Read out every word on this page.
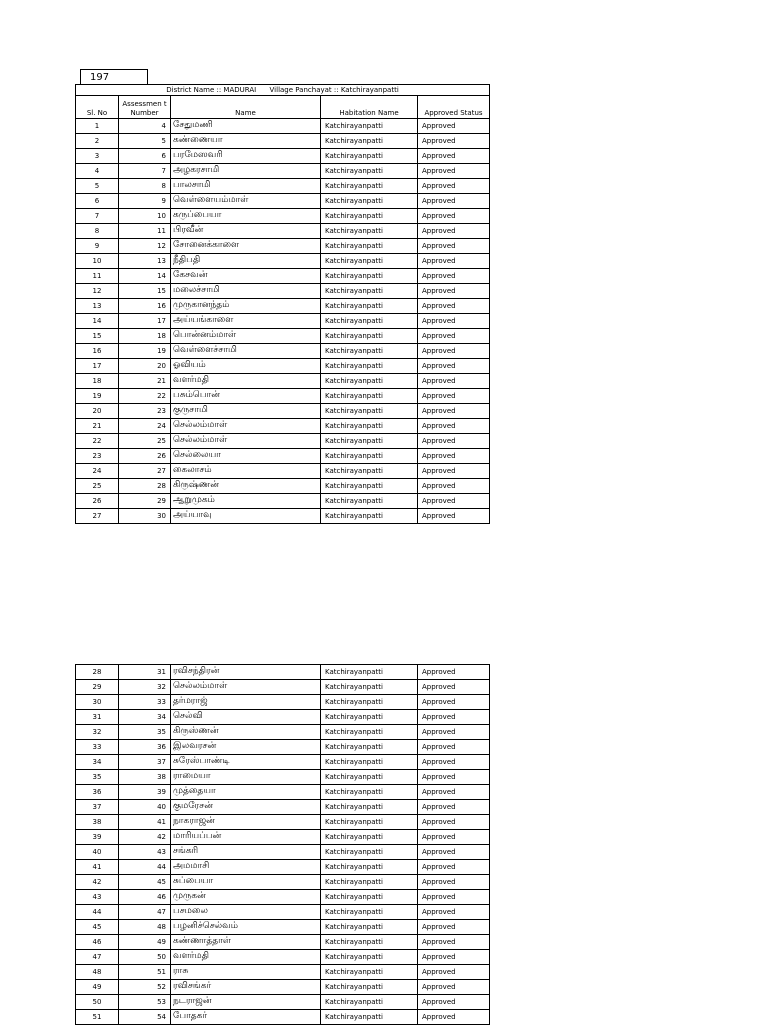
197
District Name :: MADURAI      Village Panchayat :: Katchirayanpatti				
Sl. No	Assessmen t Number	Name	Habitation Name	Approved Status
1	4	சேதுமணி	Katchirayanpatti	Approved
2	5	கண்ணையா	Katchirayanpatti	Approved
3	6	பரமேஸவரி	Katchirayanpatti	Approved
4	7	அழகரசாமி	Katchirayanpatti	Approved
5	8	பாலசாமி	Katchirayanpatti	Approved
6	9	வெள்ளையம்மாள்	Katchirayanpatti	Approved
7	10	கருப்பையா	Katchirayanpatti	Approved
8	11	பிரவீன்	Katchirayanpatti	Approved
9	12	சோனைக்காளை	Katchirayanpatti	Approved
10	13	நீதிபதி	Katchirayanpatti	Approved
11	14	கேசவன்	Katchirayanpatti	Approved
12	15	மலைச்சாமி	Katchirayanpatti	Approved
13	16	முருகானந்தம்	Katchirayanpatti	Approved
14	17	அய்யங்காளை	Katchirayanpatti	Approved
15	18	பொன்னம்மாள்	Katchirayanpatti	Approved
16	19	வெள்ளைச்சாமி	Katchirayanpatti	Approved
17	20	ஓவியம்	Katchirayanpatti	Approved
18	21	வளர்மதி	Katchirayanpatti	Approved
19	22	பசும்பொன்	Katchirayanpatti	Approved
20	23	குருசாமி	Katchirayanpatti	Approved
21	24	செல்லம்மாள்	Katchirayanpatti	Approved
22	25	செல்லம்மாள்	Katchirayanpatti	Approved
23	26	செல்லையா	Katchirayanpatti	Approved
24	27	கைலாசம்	Katchirayanpatti	Approved
25	28	கிருஷ்ணன்	Katchirayanpatti	Approved
26	29	ஆறுமுகம்	Katchirayanpatti	Approved
27	30	அய்யாவு	Katchirayanpatti	Approved
28	31	ரவிசந்திரன்	Katchirayanpatti	Approved
29	32	செல்லம்மாள்	Katchirayanpatti	Approved
30	33	தர்மராஜ்	Katchirayanpatti	Approved
31	34	செல்வி	Katchirayanpatti	Approved
32	35	கிருஸ்ணன்	Katchirayanpatti	Approved
33	36	இலவரசன்	Katchirayanpatti	Approved
34	37	சுரேஸ்பாண்டி	Katchirayanpatti	Approved
35	38	ராமையா	Katchirayanpatti	Approved
36	39	முத்தையா	Katchirayanpatti	Approved
37	40	குமரேசன்	Katchirayanpatti	Approved
38	41	நாகராஜன்	Katchirayanpatti	Approved
39	42	மாரியப்பன்	Katchirayanpatti	Approved
40	43	சங்கரி	Katchirayanpatti	Approved
41	44	அமமாசி	Katchirayanpatti	Approved
42	45	சுப்பையா	Katchirayanpatti	Approved
43	46	முருகன்	Katchirayanpatti	Approved
44	47	பசமலை	Katchirayanpatti	Approved
45	48	பழனிச்செல்வம்	Katchirayanpatti	Approved
46	49	கண்ணாத்தாள்	Katchirayanpatti	Approved
47	50	வளர்மதி	Katchirayanpatti	Approved
48	51	ராசு	Katchirayanpatti	Approved
49	52	ரவிசங்கர்	Katchirayanpatti	Approved
50	53	நடராஜன்	Katchirayanpatti	Approved
51	54	போதகர்	Katchirayanpatti	Approved
